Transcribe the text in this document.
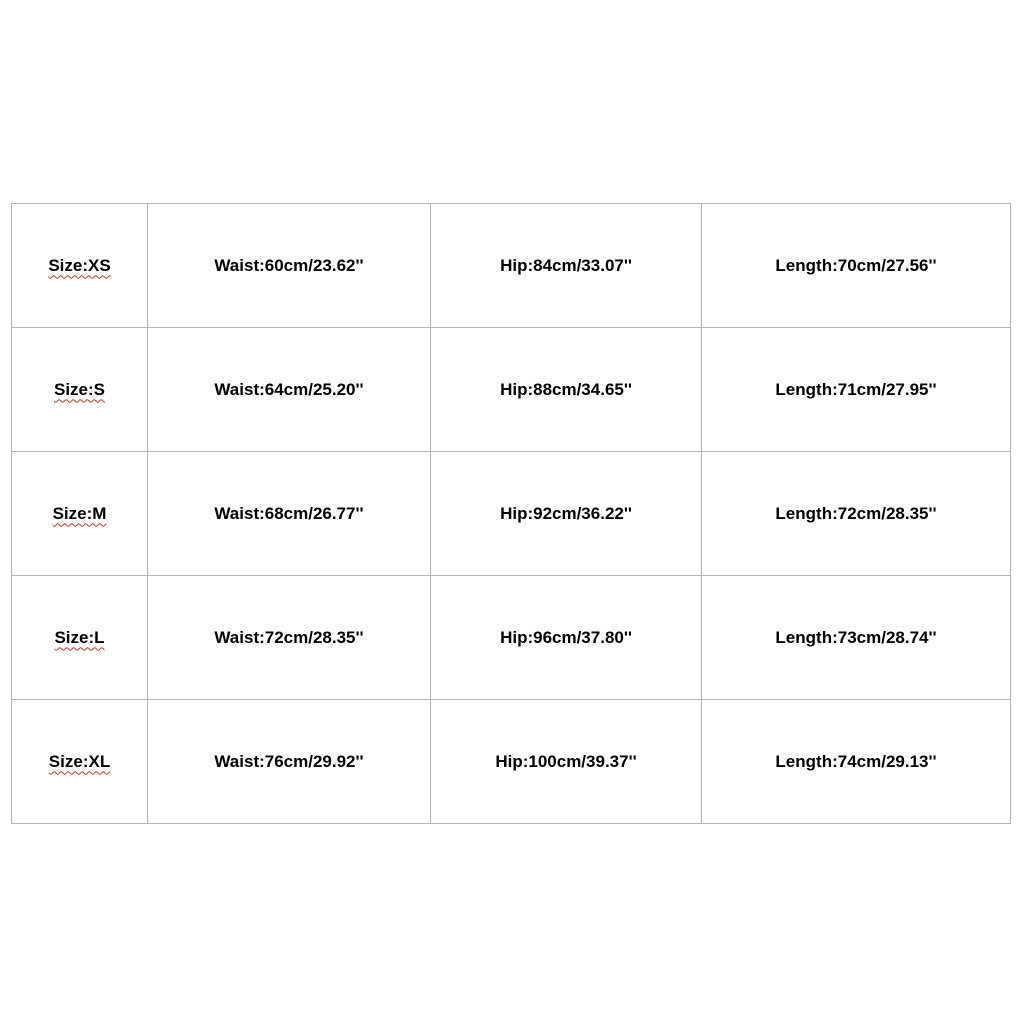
Size:XS	Waist:60cm/23.62''	Hip:84cm/33.07''	Length:70cm/27.56''
Size:S	Waist:64cm/25.20''	Hip:88cm/34.65''	Length:71cm/27.95''
Size:M	Waist:68cm/26.77''	Hip:92cm/36.22''	Length:72cm/28.35''
Size:L	Waist:72cm/28.35''	Hip:96cm/37.80''	Length:73cm/28.74''
Size:XL	Waist:76cm/29.92''	Hip:100cm/39.37''	Length:74cm/29.13''
